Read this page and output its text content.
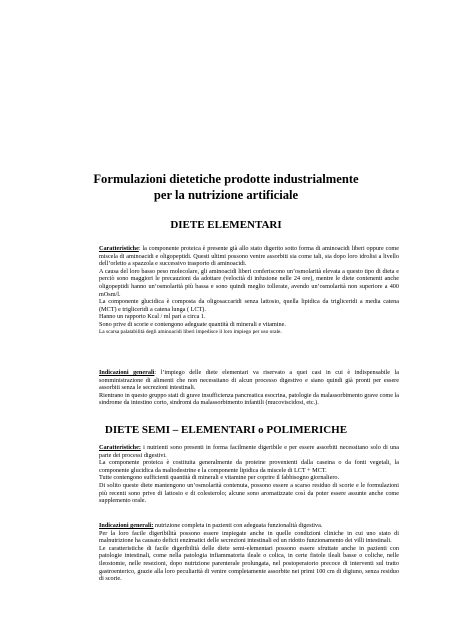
Formulazioni dietetiche prodotte industrialmente

per la nutrizione artificiale

DIETE ELEMENTARI

Caratteristiche: la componente proteica è presente già allo stato digerito sotto forma di aminoacidi liberi oppure come miscela di aminoacidi e oligopeptidi. Questi ultimi possono venire assorbiti sia come tali, sia dopo loro idrolisi a livello dell’orletto a spazzola e successivo trasporto di aminoacidi.

A causa del loro basso peso molecolare, gli aminoacidi liberi conferiscono un’osmolarità elevata a questo tipo di dieta e perciò sono maggiori le precauzioni da adottare (velocità di infusione nelle 24 ore), mentre le diete contenenti anche oligopeptidi hanno un’osmolarità più bassa e sono quindi meglio tollerate, avendo un’osmolarità non superiore a 400 mOsm/l.

La componente glucidica è composta da oligosaccaridi senza lattosio, quella lipidica da trigliceridi a media catena (MCT) e trigliceridi a catena lunga ( LCT).

Hanno un rapporto Kcal / ml pari a circa 1.

Sono prive di scorie e contengono adeguate quantità di minerali e vitamine.

La scarsa palatabilità degli aminoacidi liberi impedisce il loro impiego per uso orale.

Indicazioni generali: l’impiego delle diete elementari va riservato a quei casi in cui è indispensabile la somministrazione di alimenti che non necessitano di alcun processo digestivo e siano quindi già pronti per essere assorbiti senza le secrezioni intestinali.

Rientrano in questo gruppo stati di grave insufficienza pancreatica esocrina, patologie da malassorbimento grave come la sindrome da intestino corto, sindromi da malassorbimento infantili (mucoviscidosi, etc.).

DIETE SEMI – ELEMENTARI o POLIMERICHE

Caratteristiche: i nutrienti sono presenti in forma facilmente digeribile e per essere assorbiti necessitano solo di una parte dei processi digestivi.

La componente proteica è costituita generalmente da proteine provenienti dalla caseina o da fonti vegetali, la componente glucidica da maltodestrine e la componente lipidica da miscele di LCT + MCT.

Tutte contengono sufficienti quantità di minerali e vitamine per coprire il fabbisogno giornaliero.

Di solito queste diete mantengono un’osmolarità contenuta, possono essere a scarso residuo di scorie e le formulazioni più recenti sono prive di lattosio e di colesterolo; alcune sono aromatizzate così da poter essere assunte anche come supplemento orale.

Indicazioni generali: nutrizione completa in pazienti con adeguata funzionalità digestiva.

Per la loro facile digeribilità possono essere impiegate anche in quelle condizioni cliniche in cui uno stato di malnutrizione ha causato deficit enzimatici delle secrezioni intestinali ed un ridotto funzionamento dei villi intestinali.

Le caratteristiche di facile digeribilità delle diete semi-elementari possono essere sfruttate anche in pazienti con patologie intestinali, come nella patologia infiammatoria ileale o colica, in certe fistole ileali basse o coliche, nelle ileostomie, nelle resezioni, dopo nutrizione parenterale prolungata, nel postoperatorio precoce di interventi sul tratto gastroenterico, grazie alla loro peculiarità di venire completamente assorbite nei primi 100 cm di digiuno, senza residuo di scorie.
